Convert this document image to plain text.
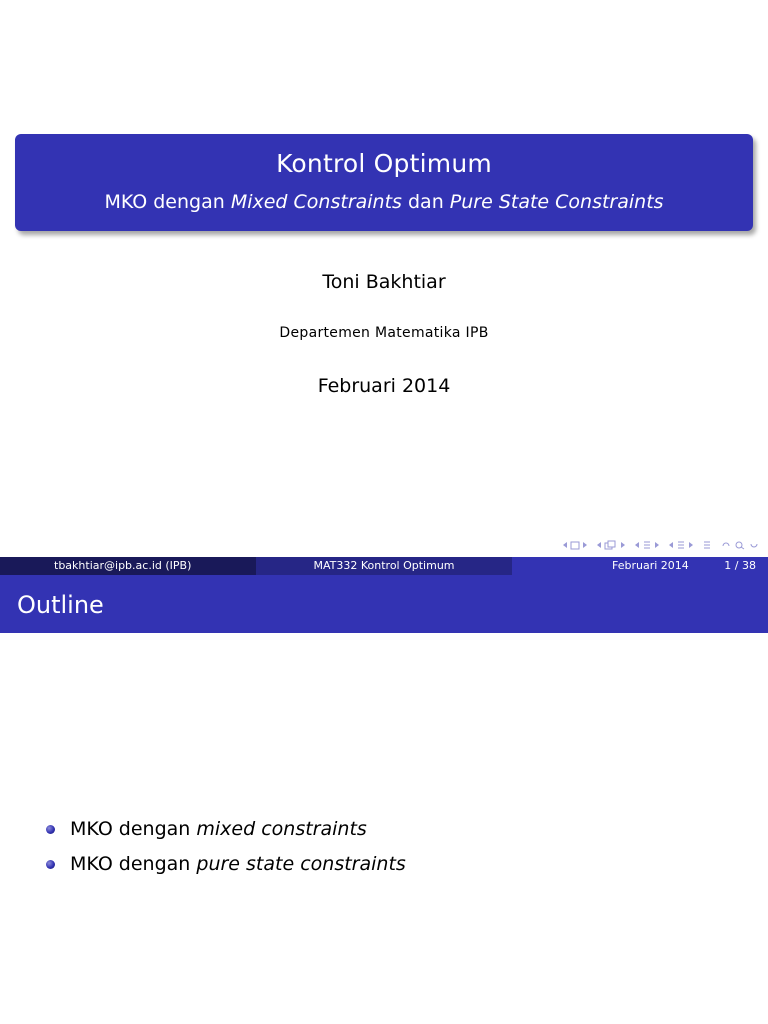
Kontrol Optimum
MKO dengan Mixed Constraints dan Pure State Constraints
Toni Bakhtiar
Departemen Matematika IPB
Februari 2014
tbakhtiar@ipb.ac.id (IPB)	MAT332 Kontrol Optimum	Februari 2014	1 / 38
Outline
MKO dengan mixed constraints
MKO dengan pure state constraints
